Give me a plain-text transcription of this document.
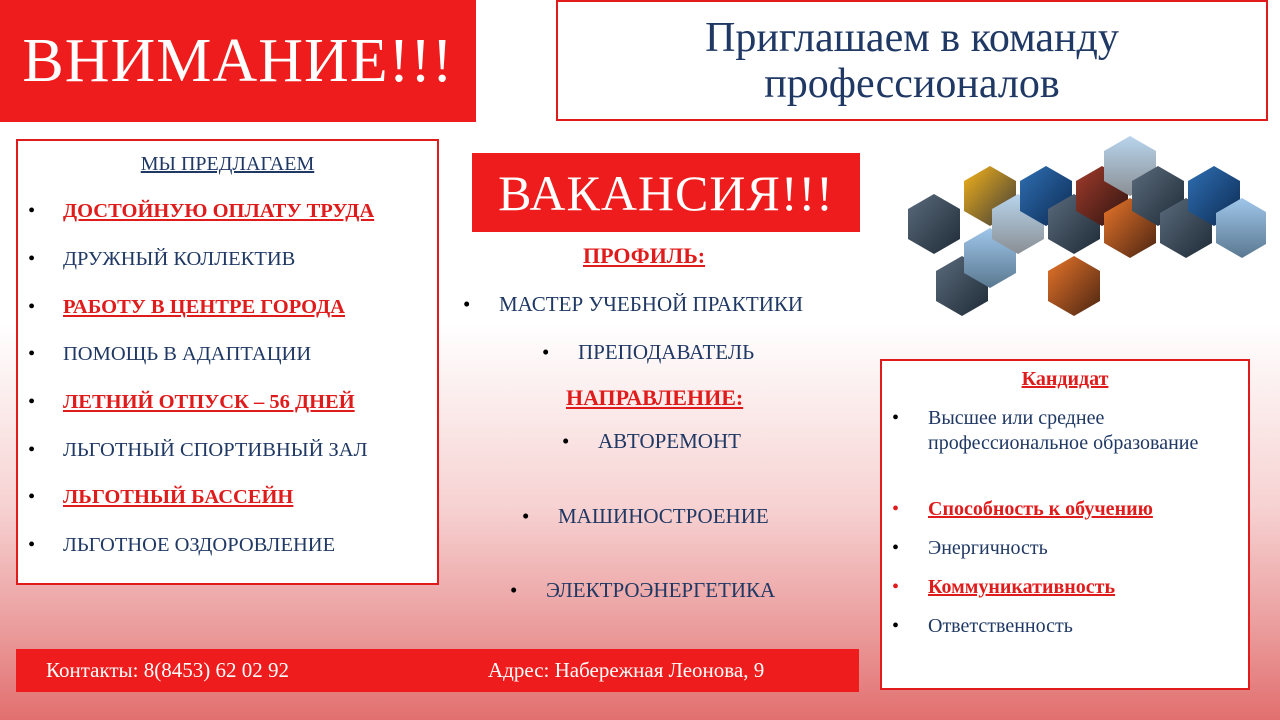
ВНИМАНИЕ!!!	Приглашаем в команду
профессионалов
МЫ ПРЕДЛАГАЕМ
• ДОСТОЙНУЮ ОПЛАТУ ТРУДА
• ДРУЖНЫЙ КОЛЛЕКТИВ
• РАБОТУ В ЦЕНТРЕ ГОРОДА
• ПОМОЩЬ В АДАПТАЦИИ
• ЛЕТНИЙ ОТПУСК – 56 ДНЕЙ
• ЛЬГОТНЫЙ СПОРТИВНЫЙ ЗАЛ
• ЛЬГОТНЫЙ БАССЕЙН
• ЛЬГОТНОЕ ОЗДОРОВЛЕНИЕ
ВАКАНСИЯ!!!
ПРОФИЛЬ:
• МАСТЕР УЧЕБНОЙ ПРАКТИКИ
• ПРЕПОДАВАТЕЛЬ
НАПРАВЛЕНИЕ:
• АВТОРЕМОНТ
• МАШИНОСТРОЕНИЕ
• ЭЛЕКТРОЭНЕРГЕТИКА
Кандидат
• Высшее или среднее профессиональное образование
• Способность к обучению
• Энергичность
• Коммуникативность
• Ответственность
Контакты: 8(8453) 62 02 92	Адрес: Набережная Леонова, 9
